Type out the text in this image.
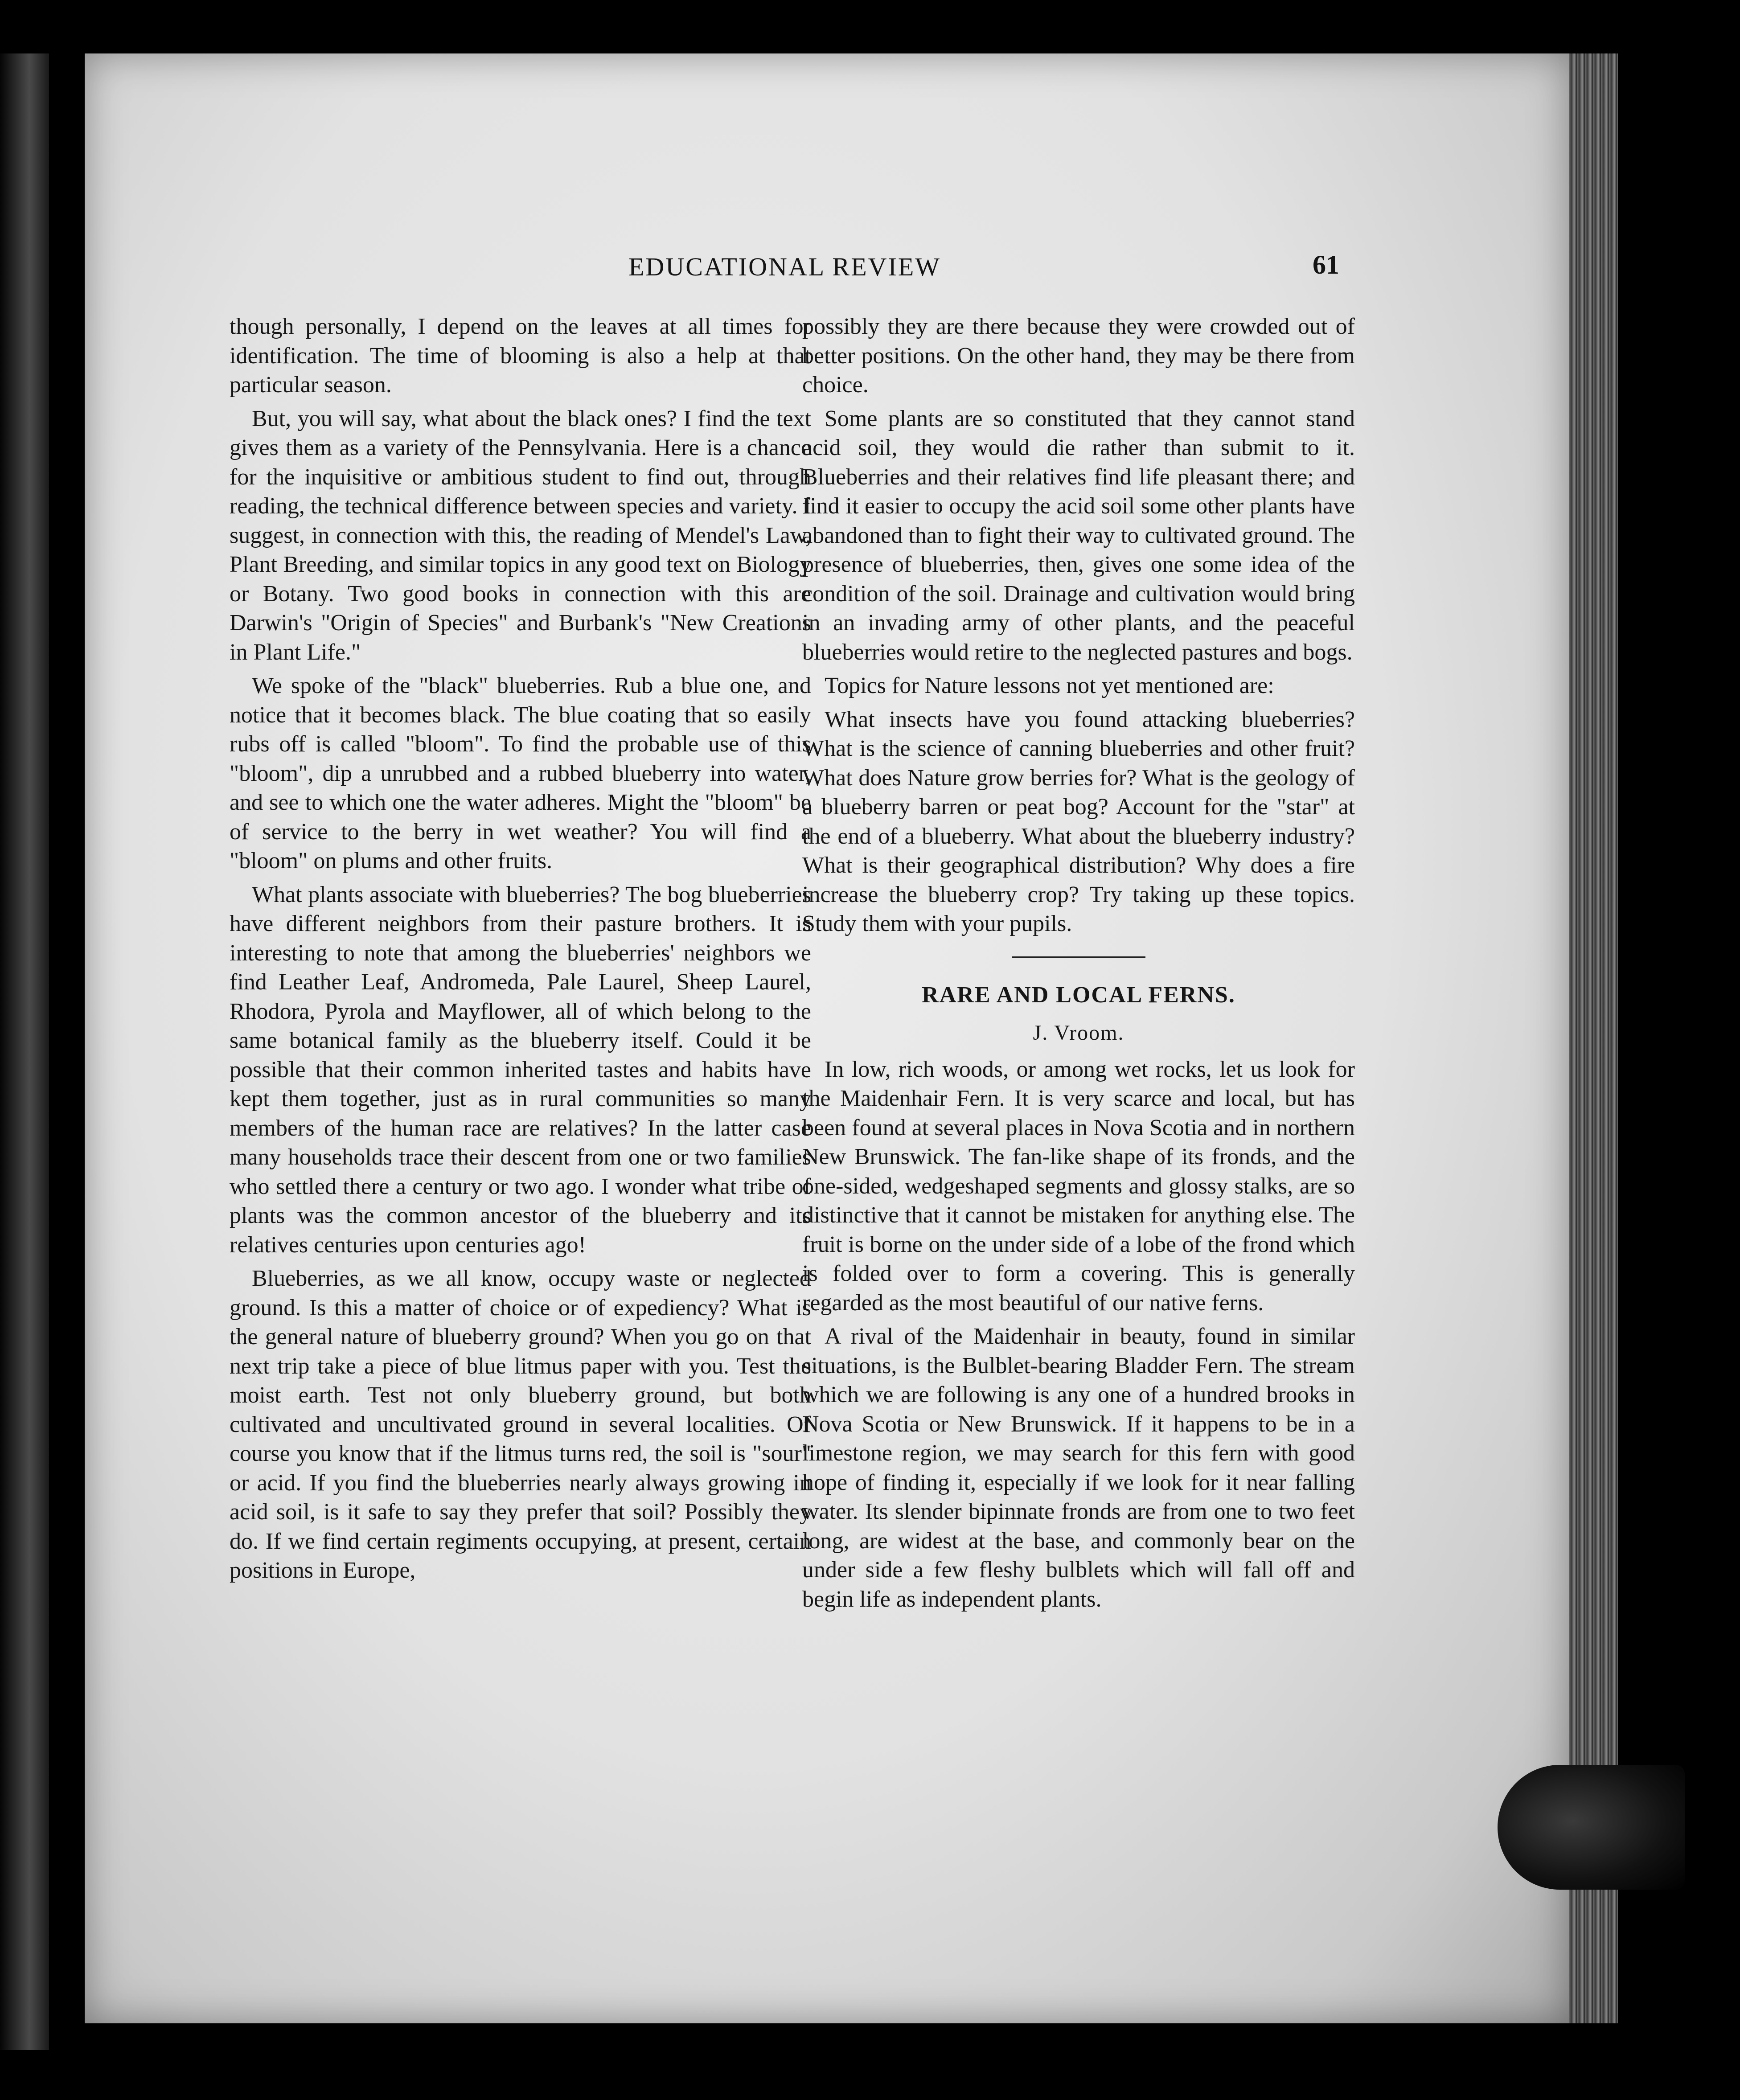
EDUCATIONAL REVIEW	61

though personally, I depend on the leaves at all times for identification. The time of blooming is also a help at that particular season.

But, you will say, what about the black ones? I find the text gives them as a variety of the Pennsylvania. Here is a chance for the inquisitive or ambitious student to find out, through reading, the technical difference between species and variety. I suggest, in connection with this, the reading of Mendel's Law, Plant Breeding, and similar topics in any good text on Biology or Botany. Two good books in connection with this are Darwin's "Origin of Species" and Burbank's "New Creations in Plant Life."

We spoke of the "black" blueberries. Rub a blue one, and notice that it becomes black. The blue coating that so easily rubs off is called "bloom". To find the probable use of this "bloom", dip a unrubbed and a rubbed blueberry into water, and see to which one the water adheres. Might the "bloom" be of service to the berry in wet weather? You will find a "bloom" on plums and other fruits.

What plants associate with blueberries? The bog blueberries have different neighbors from their pasture brothers. It is interesting to note that among the blueberries' neighbors we find Leather Leaf, Andromeda, Pale Laurel, Sheep Laurel, Rhodora, Pyrola and Mayflower, all of which belong to the same botanical family as the blueberry itself. Could it be possible that their common inherited tastes and habits have kept them together, just as in rural communities so many members of the human race are relatives? In the latter case many households trace their descent from one or two families who settled there a century or two ago. I wonder what tribe of plants was the common ancestor of the blueberry and its relatives centuries upon centuries ago!

Blueberries, as we all know, occupy waste or neglected ground. Is this a matter of choice or of expediency? What is the general nature of blueberry ground? When you go on that next trip take a piece of blue litmus paper with you. Test the moist earth. Test not only blueberry ground, but both cultivated and uncultivated ground in several localities. Of course you know that if the litmus turns red, the soil is "sour" or acid. If you find the blueberries nearly always growing in acid soil, is it safe to say they prefer that soil? Possibly they do. If we find certain regiments occupying, at present, certain positions in Europe,

possibly they are there because they were crowded out of better positions. On the other hand, they may be there from choice.

Some plants are so constituted that they cannot stand acid soil, they would die rather than submit to it. Blueberries and their relatives find life pleasant there; and find it easier to occupy the acid soil some other plants have abandoned than to fight their way to cultivated ground. The presence of blueberries, then, gives one some idea of the condition of the soil. Drainage and cultivation would bring in an invading army of other plants, and the peaceful blueberries would retire to the neglected pastures and bogs.

Topics for Nature lessons not yet mentioned are:

What insects have you found attacking blueberries? What is the science of canning blueberries and other fruit? What does Nature grow berries for? What is the geology of a blueberry barren or peat bog? Account for the "star" at the end of a blueberry. What about the blueberry industry? What is their geographical distribution? Why does a fire increase the blueberry crop? Try taking up these topics. Study them with your pupils.

RARE AND LOCAL FERNS.
J. Vroom.

In low, rich woods, or among wet rocks, let us look for the Maidenhair Fern. It is very scarce and local, but has been found at several places in Nova Scotia and in northern New Brunswick. The fan-like shape of its fronds, and the one-sided, wedgeshaped segments and glossy stalks, are so distinctive that it cannot be mistaken for anything else. The fruit is borne on the under side of a lobe of the frond which is folded over to form a covering. This is generally regarded as the most beautiful of our native ferns.

A rival of the Maidenhair in beauty, found in similar situations, is the Bulblet-bearing Bladder Fern. The stream which we are following is any one of a hundred brooks in Nova Scotia or New Brunswick. If it happens to be in a limestone region, we may search for this fern with good hope of finding it, especially if we look for it near falling water. Its slender bipinnate fronds are from one to two feet long, are widest at the base, and commonly bear on the under side a few fleshy bulblets which will fall off and begin life as independent plants.
